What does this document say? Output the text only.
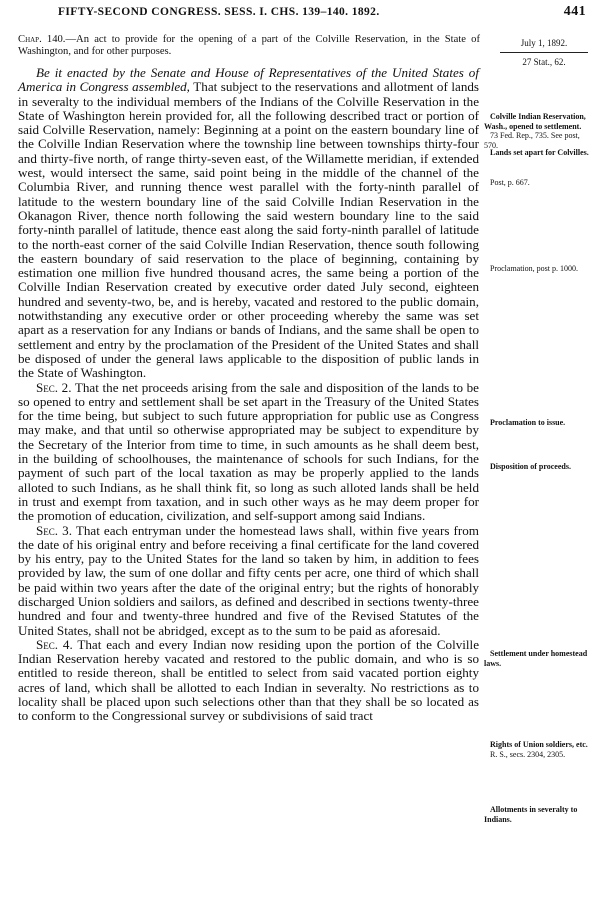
FIFTY-SECOND CONGRESS. SESS. I. CHS. 139–140. 1892.	441
Chap. 140.—An act to provide for the opening of a part of the Colville Reservation, in the State of Washington, and for other purposes.
July 1, 1892.
27 Stat., 62.

Be it enacted by the Senate and House of Representatives of the United States of America in Congress assembled, That subject to the reservations and allotment of lands in severalty to the individual members of the Indians of the Colville Reservation in the State of Washington herein provided for, all the following described tract or portion of said Colville Reservation, namely: Beginning at a point on the eastern boundary line of the Colville Indian Reservation where the township line between townships thirty-four and thirty-five north, of range thirty-seven east, of the Willamette meridian, if extended west, would intersect the same, said point being in the middle of the channel of the Columbia River, and running thence west parallel with the forty-ninth parallel of latitude to the western boundary line of the said Colville Indian Reservation in the Okanagon River, thence north following the said western boundary line to the said forty-ninth parallel of latitude, thence east along the said forty-ninth parallel of latitude to the north-east corner of the said Colville Indian Reservation, thence south following the eastern boundary of said reservation to the place of beginning, containing by estimation one million five hundred thousand acres, the same being a portion of the Colville Indian Reservation created by executive order dated July second, eighteen hundred and seventy-two, be, and is hereby, vacated and restored to the public domain, notwithstanding any executive order or other proceeding whereby the same was set apart as a reservation for any Indians or bands of Indians, and the same shall be open to settlement and entry by the proclamation of the President of the United States and shall be disposed of under the general laws applicable to the disposition of public lands in the State of Washington.

Sec. 2. That the net proceeds arising from the sale and disposition of the lands to be so opened to entry and settlement shall be set apart in the Treasury of the United States for the time being, but subject to such future appropriation for public use as Congress may make, and that until so otherwise appropriated may be subject to expenditure by the Secretary of the Interior from time to time, in such amounts as he shall deem best, in the building of schoolhouses, the maintenance of schools for such Indians, for the payment of such part of the local taxation as may be properly applied to the lands alloted to such Indians, as he shall think fit, so long as such alloted lands shall be held in trust and exempt from taxation, and in such other ways as he may deem proper for the promotion of education, civilization, and self-support among said Indians.

Sec. 3. That each entryman under the homestead laws shall, within five years from the date of his original entry and before receiving a final certificate for the land covered by his entry, pay to the United States for the land so taken by him, in addition to fees provided by law, the sum of one dollar and fifty cents per acre, one third of which shall be paid within two years after the date of the original entry; but the rights of honorably discharged Union soldiers and sailors, as defined and described in sections twenty-three hundred and four and twenty-three hundred and five of the Revised Statutes of the United States, shall not be abridged, except as to the sum to be paid as aforesaid.

Sec. 4. That each and every Indian now residing upon the portion of the Colville Indian Reservation hereby vacated and restored to the public domain, and who is so entitled to reside thereon, shall be entitled to select from said vacated portion eighty acres of land, which shall be allotted to each Indian in severalty. No restrictions as to locality shall be placed upon such selections other than that they shall be so located as to conform to the Congressional survey or subdivisions of said tract

Colville Indian Reservation, Wash., opened to settlement.
73 Fed. Rep., 735. See post, 570.
Lands set apart for Colvilles.
Post, p. 667.
Proclamation, post p. 1000.
Proclamation to issue.
Disposition of proceeds.
Settlement under homestead laws.
Rights of Union soldiers, etc.
R. S., secs. 2304, 2305.
Allotments in severalty to Indians.
